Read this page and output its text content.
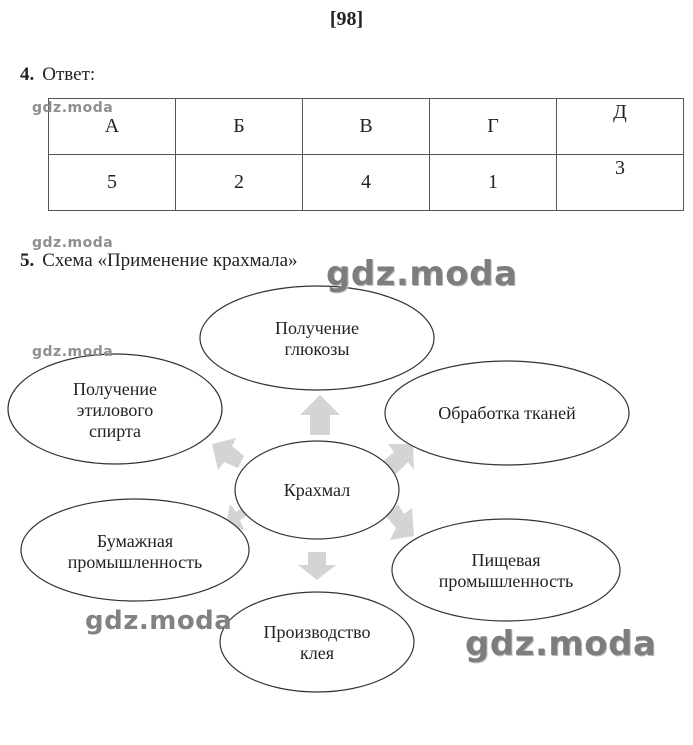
[98]
4. Ответ:
А	Б	В	Г	Д
5	2	4	1	3
5. Схема «Применение крахмала»
Получение
глюкозы
Обработка тканей
Пищевая
промышленность
Производство
клея
Бумажная
промышленность
Получение
этилового
спирта
Крахмал
gdz.moda
gdz.moda
gdz.moda
gdz.moda
gdz.moda
gdz.moda
